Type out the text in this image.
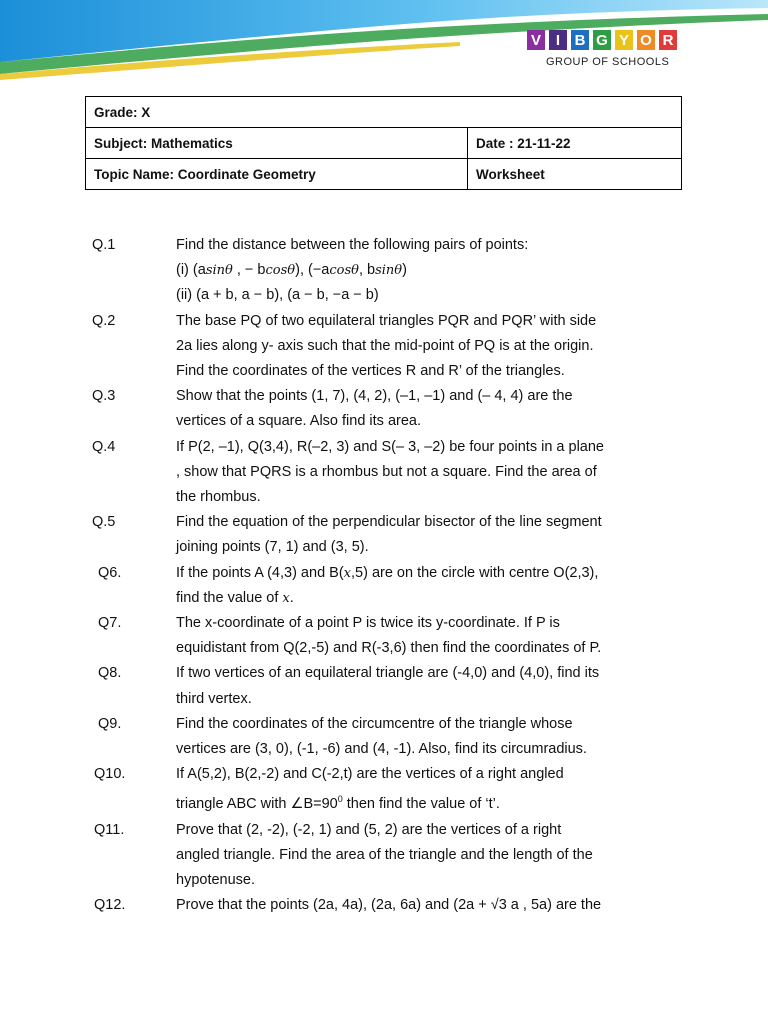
V I B G Y O R
GROUP OF SCHOOLS
Grade: X	
Subject: Mathematics	Date : 21-11-22
Topic Name: Coordinate Geometry	Worksheet
Q.1	Find the distance between the following pairs of points:
(i) (asinθ , − bcosθ), (−acosθ, bsinθ)
(ii) (a + b, a − b), (a − b, −a − b)
Q.2	The base PQ of two equilateral triangles PQR and PQR’ with side
2a lies along y- axis such that the mid-point of PQ is at the origin.
Find the coordinates of the vertices R and R’ of the triangles.
Q.3	Show that the points (1, 7), (4, 2), (–1, –1) and (– 4, 4) are the
vertices of a square. Also find its area.
Q.4	If P(2, –1), Q(3,4), R(–2, 3) and S(– 3, –2) be four points in a plane
, show that PQRS is a rhombus but not a square. Find the area of
the rhombus.
Q.5	Find the equation of the perpendicular bisector of the line segment
joining points (7, 1) and (3, 5).
Q6.	If the points A (4,3) and B(x,5) are on the circle with centre O(2,3),
find the value of x.
Q7.	The x-coordinate of a point P is twice its y-coordinate. If P is
equidistant from Q(2,-5) and R(-3,6) then find the coordinates of P.
Q8.	If two vertices of an equilateral triangle are (-4,0) and (4,0), find its
third vertex.
Q9.	Find the coordinates of the circumcentre of the triangle whose
vertices are (3, 0), (-1, -6) and (4, -1). Also, find its circumradius.
Q10.	If A(5,2), B(2,-2) and C(-2,t) are the vertices of a right angled
triangle ABC with $\angle B=90^0$ then find the value of ‘t’.
Q11.	Prove that (2, -2), (-2, 1) and (5, 2) are the vertices of a right
angled triangle. Find the area of the triangle and the length of the
hypotenuse.
Q12.	Prove that the points (2a, 4a), (2a, 6a) and (2a + √3 a , 5a) are the
